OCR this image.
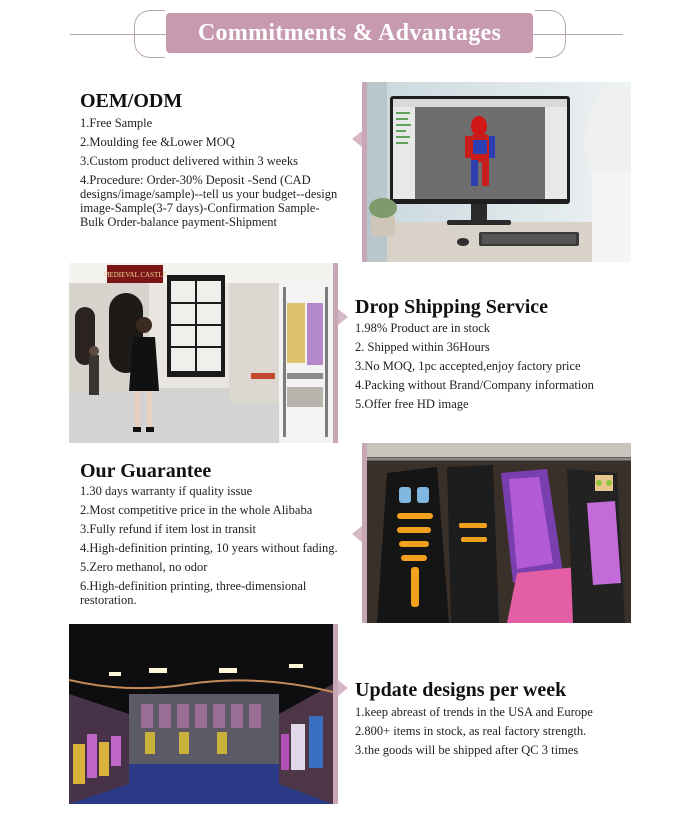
Commitments & Advantages
OEM/ODM
1.Free Sample
2.Moulding fee &Lower MOQ
3.Custom product delivered within 3 weeks
4.Procedure: Order-30% Deposit -Send (CAD designs/image/sample)--tell us your budget--design image-Sample(3-7 days)-Confirmation Sample-Bulk Order-balance payment-Shipment
MEDIEVAL CASTLE
Drop Shipping Service
1.98% Product are in stock
2. Shipped within 36Hours
3.No MOQ, 1pc accepted,enjoy factory price
4.Packing without Brand/Company information
5.Offer free HD image
Our Guarantee
1.30 days warranty if quality issue
2.Most competitive price in the whole Alibaba
3.Fully refund if item lost in transit
4.High-definition printing, 10 years without fading.
5.Zero methanol, no odor
6.High-definition printing, three-dimensional restoration.
Update designs per week
1.keep abreast of trends in the USA and Europe
2.800+ items in stock, as real factory strength.
3.the goods will be shipped after QC 3 times
